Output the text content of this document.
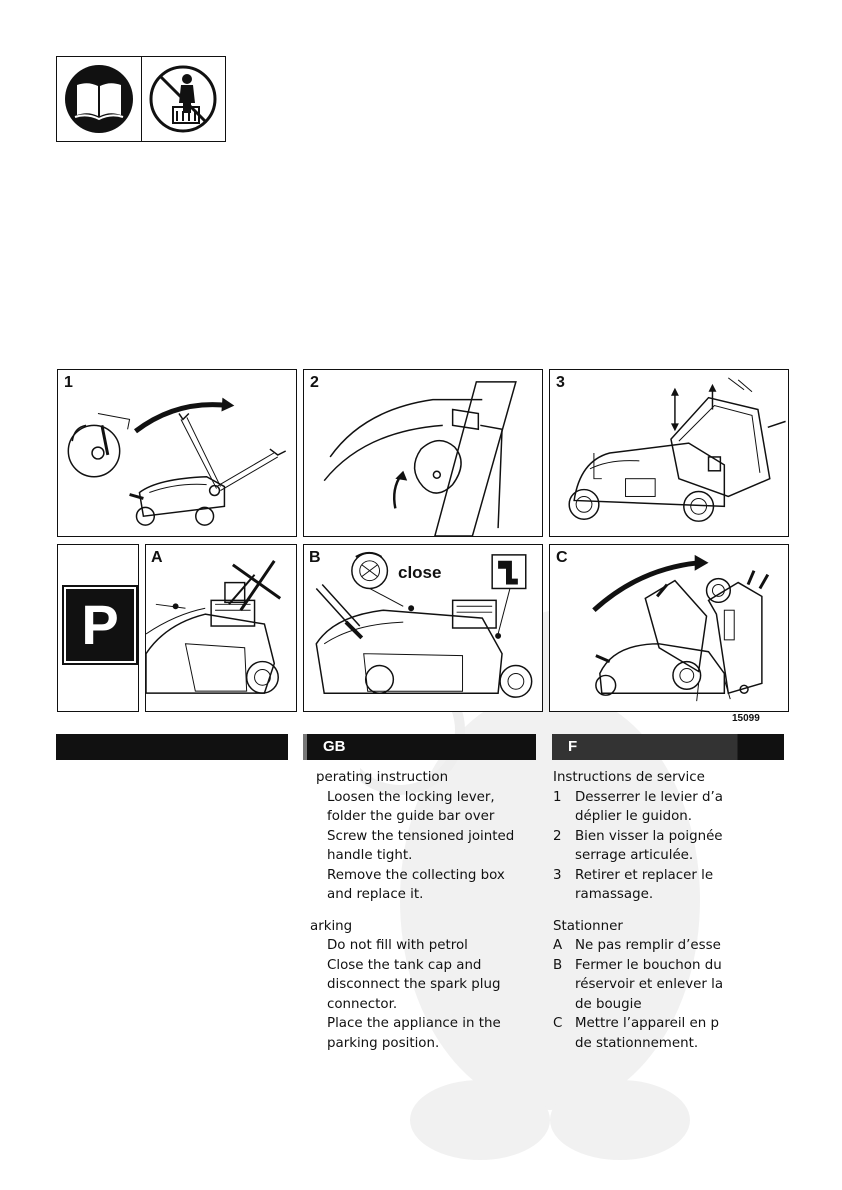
1	2	3
P
A	B
close
C
15099
GB	F
perating instruction
Loosen the locking lever,
folder the guide bar over
Screw the tensioned jointed
handle tight.
Remove the collecting box
and replace it.
arking
Do not fill with petrol
Close the tank cap and
disconnect the spark plug
connector.
Place the appliance in the
parking position.
Instructions de service
1	Desserrer le levier d’a
déplier le guidon.
2	Bien visser la poignée
serrage articulée.
3	Retirer et replacer le
ramassage.
Stationner
A Ne pas remplir d’esse
B Fermer le bouchon du
réservoir et enlever la
de bougie
C Mettre l’appareil en p
de stationnement.
